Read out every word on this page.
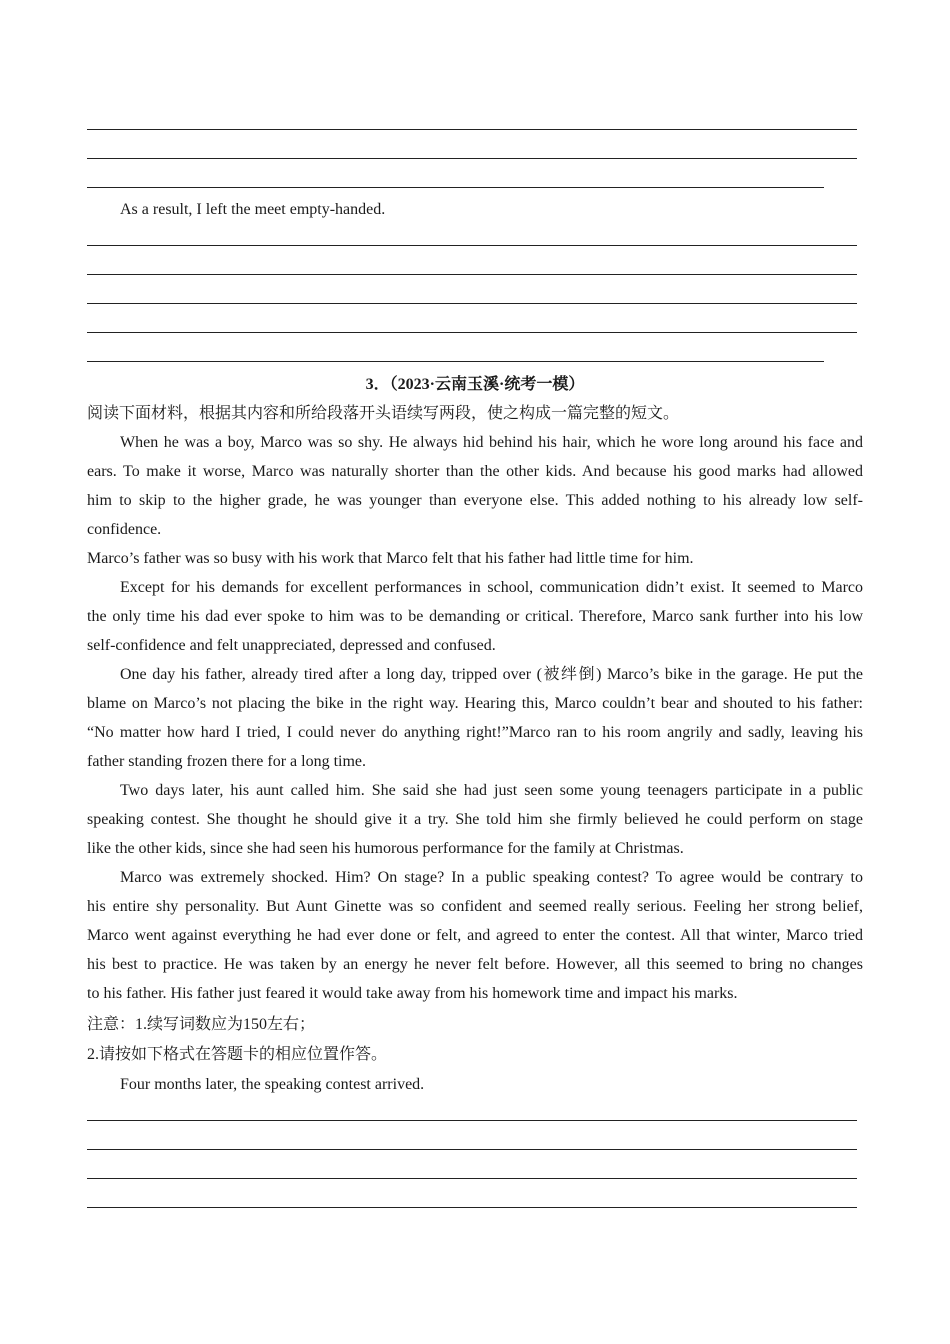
As a result, I left the meet empty-handed.
3．（2023·云南玉溪·统考一模）
阅读下面材料，根据其内容和所给段落开头语续写两段，使之构成一篇完整的短文。
When he was a boy, Marco was so shy. He always hid behind his hair, which he wore long around his face and
ears. To make it worse, Marco was naturally shorter than the other kids. And because his good marks had allowed
him to skip to the higher grade, he was younger than everyone else. This added nothing to his already low self-
confidence.
Marco’s father was so busy with his work that Marco felt that his father had little time for him.
Except for his demands for excellent performances in school, communication didn’t exist. It seemed to Marco
the only time his dad ever spoke to him was to be demanding or critical. Therefore, Marco sank further into his low
self-confidence and felt unappreciated, depressed and confused.
One day his father, already tired after a long day, tripped over (被绊倒) Marco’s bike in the garage. He put the
blame on Marco’s not placing the bike in the right way. Hearing this, Marco couldn’t bear and shouted to his father:
“No matter how hard I tried, I could never do anything right!”Marco ran to his room angrily and sadly, leaving his
father standing frozen there for a long time.
Two days later, his aunt called him. She said she had just seen some young teenagers participate in a public
speaking contest. She thought he should give it a try. She told him she firmly believed he could perform on stage
like the other kids, since she had seen his humorous performance for the family at Christmas.
Marco was extremely shocked. Him? On stage? In a public speaking contest? To agree would be contrary to
his entire shy personality. But Aunt Ginette was so confident and seemed really serious. Feeling her strong belief,
Marco went against everything he had ever done or felt, and agreed to enter the contest. All that winter, Marco tried
his best to practice. He was taken by an energy he never felt before. However, all this seemed to bring no changes
to his father. His father just feared it would take away from his homework time and impact his marks.
注意：1.续写词数应为150左右；
2.请按如下格式在答题卡的相应位置作答。
Four months later, the speaking contest arrived.
